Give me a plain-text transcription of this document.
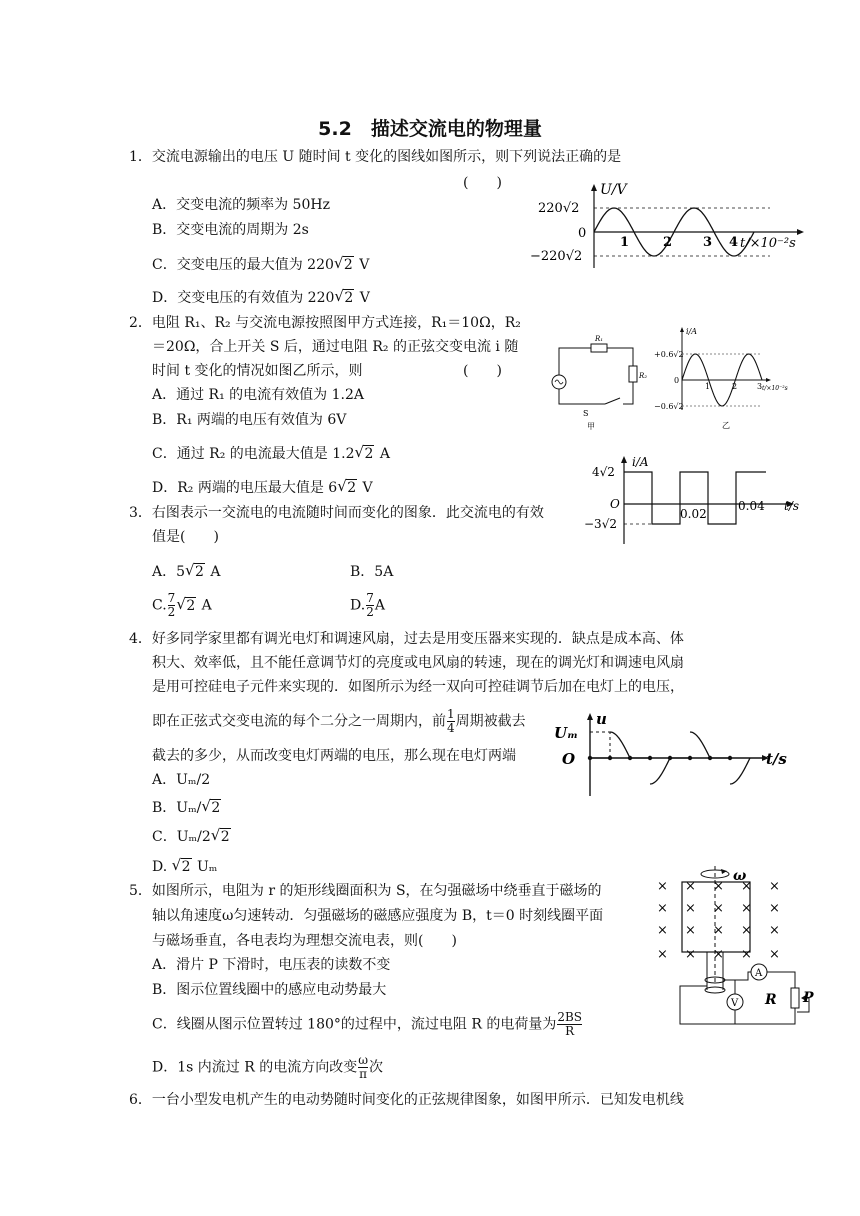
5.2　描述交流电的物理量
1．交流电源输出的电压 U 随时间 t 变化的图线如图所示，则下列说法正确的是
(　　)
A．交变电流的频率为 50Hz
B．交变电流的周期为 2s
C．交变电压的最大值为 220 √ 2 V
D．交变电压的有效值为 220 √ 2 V
U/V
220√2
0
−220√2
1	2 3 4 t/×10⁻²s
2．电阻 R₁、R₂ 与交流电源按照图甲方式连接，R₁＝10Ω，R₂
＝20Ω，合上开关 S 后，通过电阻 R₂ 的正弦交变电流 i 随
时间 t 变化的情况如图乙所示，则	(　　)
A．通过 R₁ 的电流有效值为 1.2A
B．R₁ 两端的电压有效值为 6V
C．通过 R₂ 的电流最大值是 1.2 √ 2 A
D．R₂ 两端的电压最大值是 6 √ 2 V
R₁
R₂
S
甲
i/A
+0.6√2
0
−0.6√2
1	2 3 t/×10⁻²s
乙
3．右图表示一交流电的电流随时间而变化的图象．此交流电的有效
值是(　　)
A．5 √ 2 A	B．5A
C. $\frac{7}{2}$ √ 2 A	D. $\frac{7}{2}$ A
i/A
4√2
O
−3√2
0.02
0.04 t/s
4．好多同学家里都有调光电灯和调速风扇，过去是用变压器来实现的．缺点是成本高、体
积大、效率低，且不能任意调节灯的亮度或电风扇的转速，现在的调光灯和调速电风扇
是用可控硅电子元件来实现的．如图所示为经一双向可控硅调节后加在电灯上的电压，
即在正弦式交变电流的每个二分之一周期内，前 $\frac{1}{4}$ 周期被截去
截去的多少，从而改变电灯两端的电压，那么现在电灯两端
A．Uₘ/2
B．Uₘ/ √ 2
C．Uₘ/2 √ 2
D. √ 2 Uₘ
Uₘ
u
O	t/s
5．如图所示，电阻为 r 的矩形线圈面积为 S，在匀强磁场中绕垂直于磁场的
轴以角速度ω匀速转动．匀强磁场的磁感应强度为 B，t＝0 时刻线圈平面
与磁场垂直，各电表均为理想交流电表，则(　　)
A．滑片 P 下滑时，电压表的读数不变
B．图示位置线圈中的感应电动势最大
C．线圈从图示位置转过 180°的过程中，流过电阻 R 的电荷量为 $\frac{2BS}{R}$
D．1s 内流过 R 的电流方向改变 $\frac{\omega}{\pi}$ 次
× × × × ×
× × × × ×
× × × × ×
× × × × ×
ω
V
A
R P
6．一台小型发电机产生的电动势随时间变化的正弦规律图象，如图甲所示．已知发电机线
